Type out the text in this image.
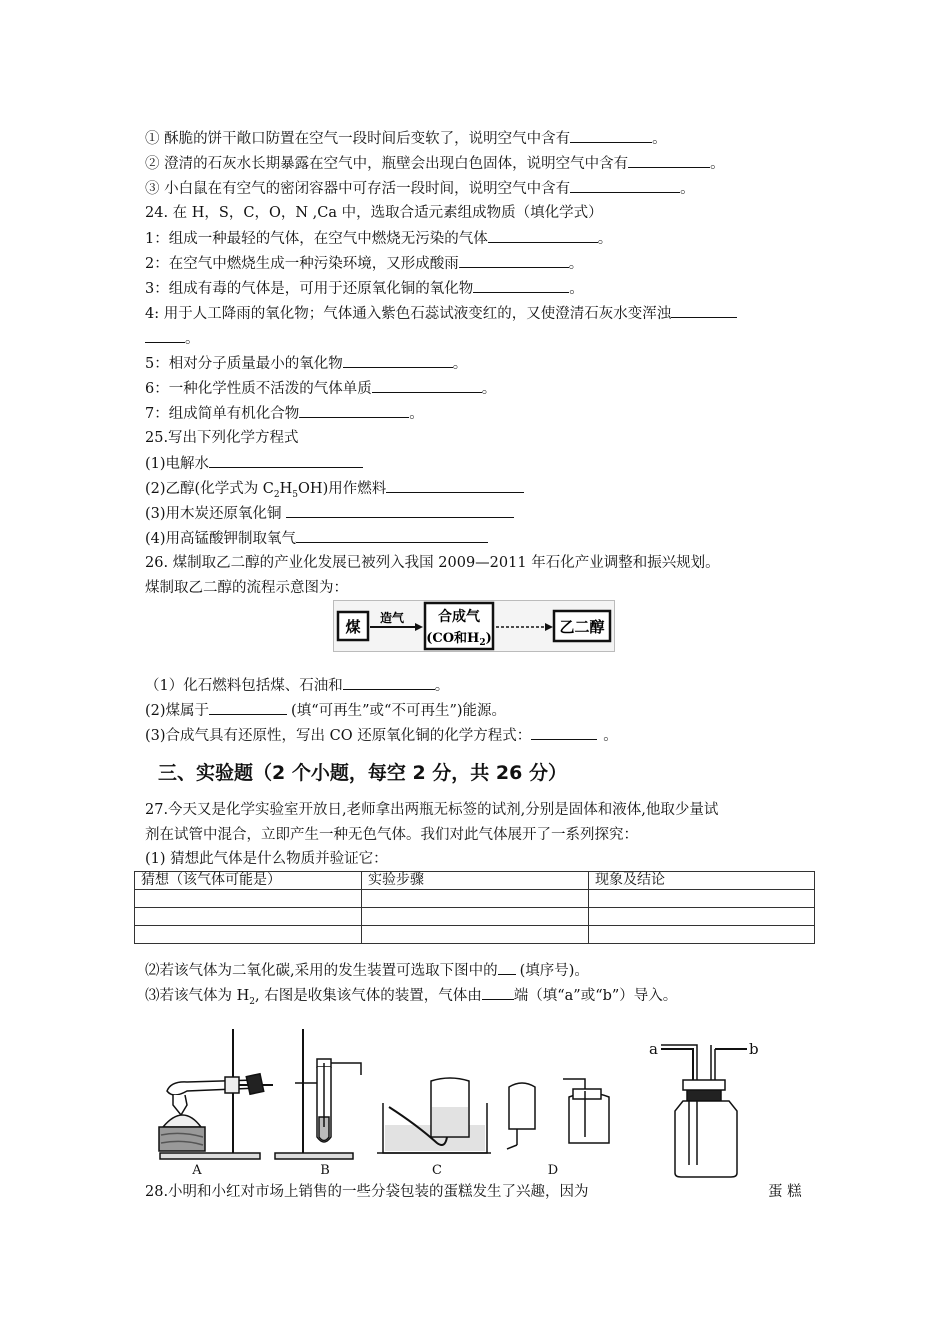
① 酥脆的饼干敞口防置在空气一段时间后变软了，说明空气中含有	。
② 澄清的石灰水长期暴露在空气中，瓶壁会出现白色固体，说明空气中含有	。
③ 小白鼠在有空气的密闭容器中可存活一段时间，说明空气中含有	。
24. 在 H，S，C，O，N ,Ca 中，选取合适元素组成物质（填化学式）
1：组成一种最轻的气体，在空气中燃烧无污染的气体	。
2：在空气中燃烧生成一种污染环境，又形成酸雨	。
3：组成有毒的气体是，可用于还原氧化铜的氧化物	。
4: 用于人工降雨的氧化物；气体通入紫色石蕊试液变红的，又使澄清石灰水变浑浊
。
5：相对分子质量最小的氧化物	。
6：一种化学性质不活泼的气体单质	。
7：组成简单有机化合物	。
25.写出下列化学方程式
(1)电解水
(2)乙醇(化学式为 $C_2H_5OH$)用作燃料
(3)用木炭还原氧化铜
(4)用高锰酸钾制取氧气
26. 煤制取乙二醇的产业化发展已被列入我国 2009—2011 年石化产业调整和振兴规划。
煤制取乙二醇的流程示意图为：
煤 造气 合成气
(CO和$H_2$)
乙二醇
（1）化石燃料包括煤、石油和	。
(2)煤属于	(填“可再生”或“不可再生”)能源。
(3)合成气具有还原性，写出 CO 还原氧化铜的化学方程式：	。
三、实验题（2 个小题，每空 2 分，共 26 分）
27.今天又是化学实验室开放日,老师拿出两瓶无标签的试剂,分别是固体和液体,他取少量试
剂在试管中混合，立即产生一种无色气体。我们对此气体展开了一系列探究：
(1) 猜想此气体是什么物质并验证它：
猜想（该气体可能是）	实验步骤	现象及结论

⑵若该气体为二氧化碳,采用的发生装置可选取下图中的 (填序号)。
⑶若该气体为 $H_2$, 右图是收集该气体的装置，气体由 端（填“a”或“b”）导入。
A	B	C	D
a	b
28.小明和小红对市场上销售的一些分袋包装的蛋糕发生了兴趣，因为	蛋 糕
